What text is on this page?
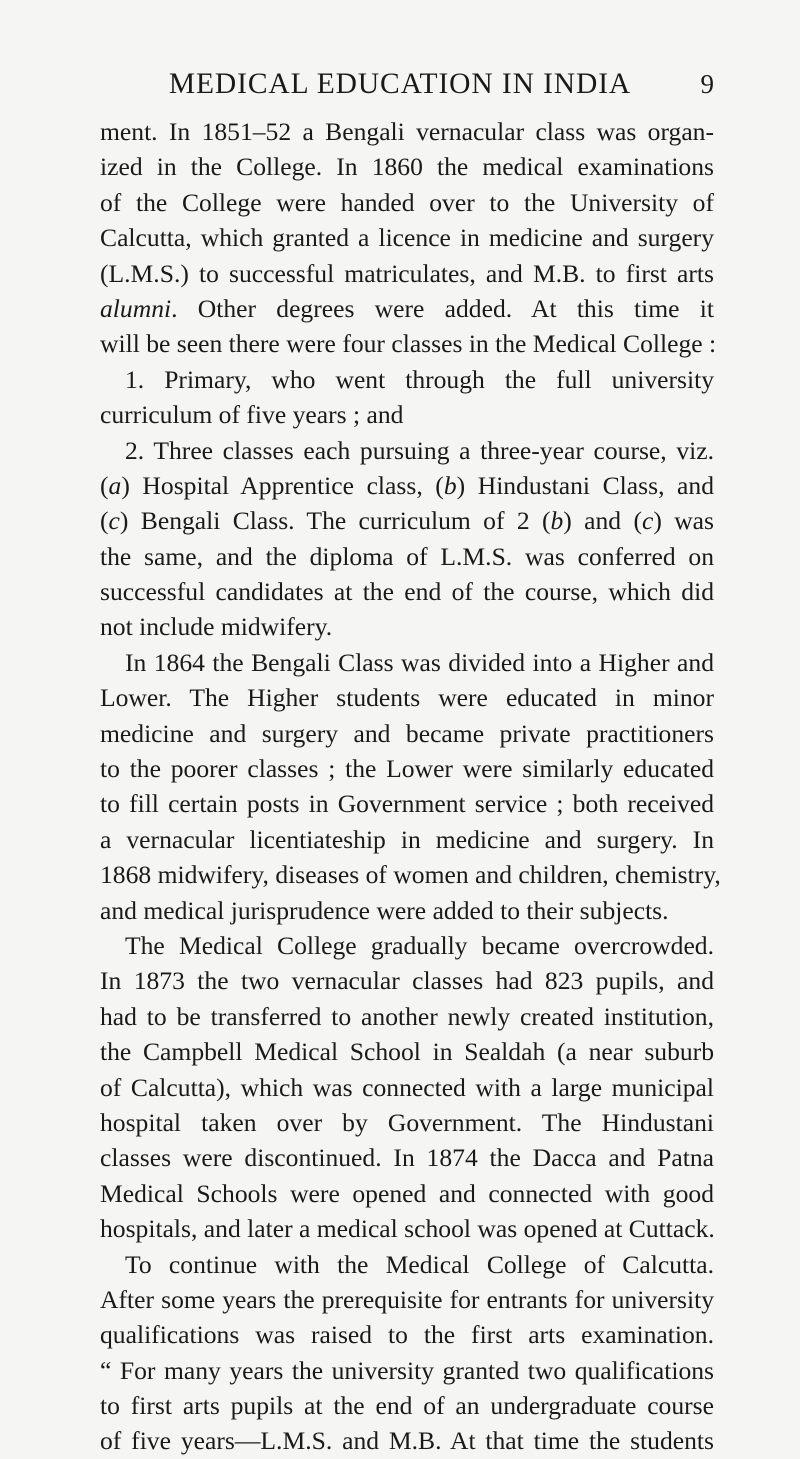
MEDICAL EDUCATION IN INDIA	9
ment. In 1851–52 a Bengali vernacular class was organ-
ized in the College. In 1860 the medical examinations
of the College were handed over to the University of
Calcutta, which granted a licence in medicine and surgery
(L.M.S.) to successful matriculates, and M.B. to first arts
alumni. Other degrees were added. At this time it
will be seen there were four classes in the Medical College :
1. Primary, who went through the full university
curriculum of five years ; and
2. Three classes each pursuing a three-year course, viz.
(a) Hospital Apprentice class, (b) Hindustani Class, and
(c) Bengali Class. The curriculum of 2 (b) and (c) was
the same, and the diploma of L.M.S. was conferred on
successful candidates at the end of the course, which did
not include midwifery.
In 1864 the Bengali Class was divided into a Higher and
Lower. The Higher students were educated in minor
medicine and surgery and became private practitioners
to the poorer classes ; the Lower were similarly educated
to fill certain posts in Government service ; both received
a vernacular licentiateship in medicine and surgery. In
1868 midwifery, diseases of women and children, chemistry,
and medical jurisprudence were added to their subjects.
The Medical College gradually became overcrowded.
In 1873 the two vernacular classes had 823 pupils, and
had to be transferred to another newly created institution,
the Campbell Medical School in Sealdah (a near suburb
of Calcutta), which was connected with a large municipal
hospital taken over by Government. The Hindustani
classes were discontinued. In 1874 the Dacca and Patna
Medical Schools were opened and connected with good
hospitals, and later a medical school was opened at Cuttack.
To continue with the Medical College of Calcutta.
After some years the prerequisite for entrants for university
qualifications was raised to the first arts examination.
“ For many years the university granted two qualifications
to first arts pupils at the end of an undergraduate course
of five years—L.M.S. and M.B. At that time the students
